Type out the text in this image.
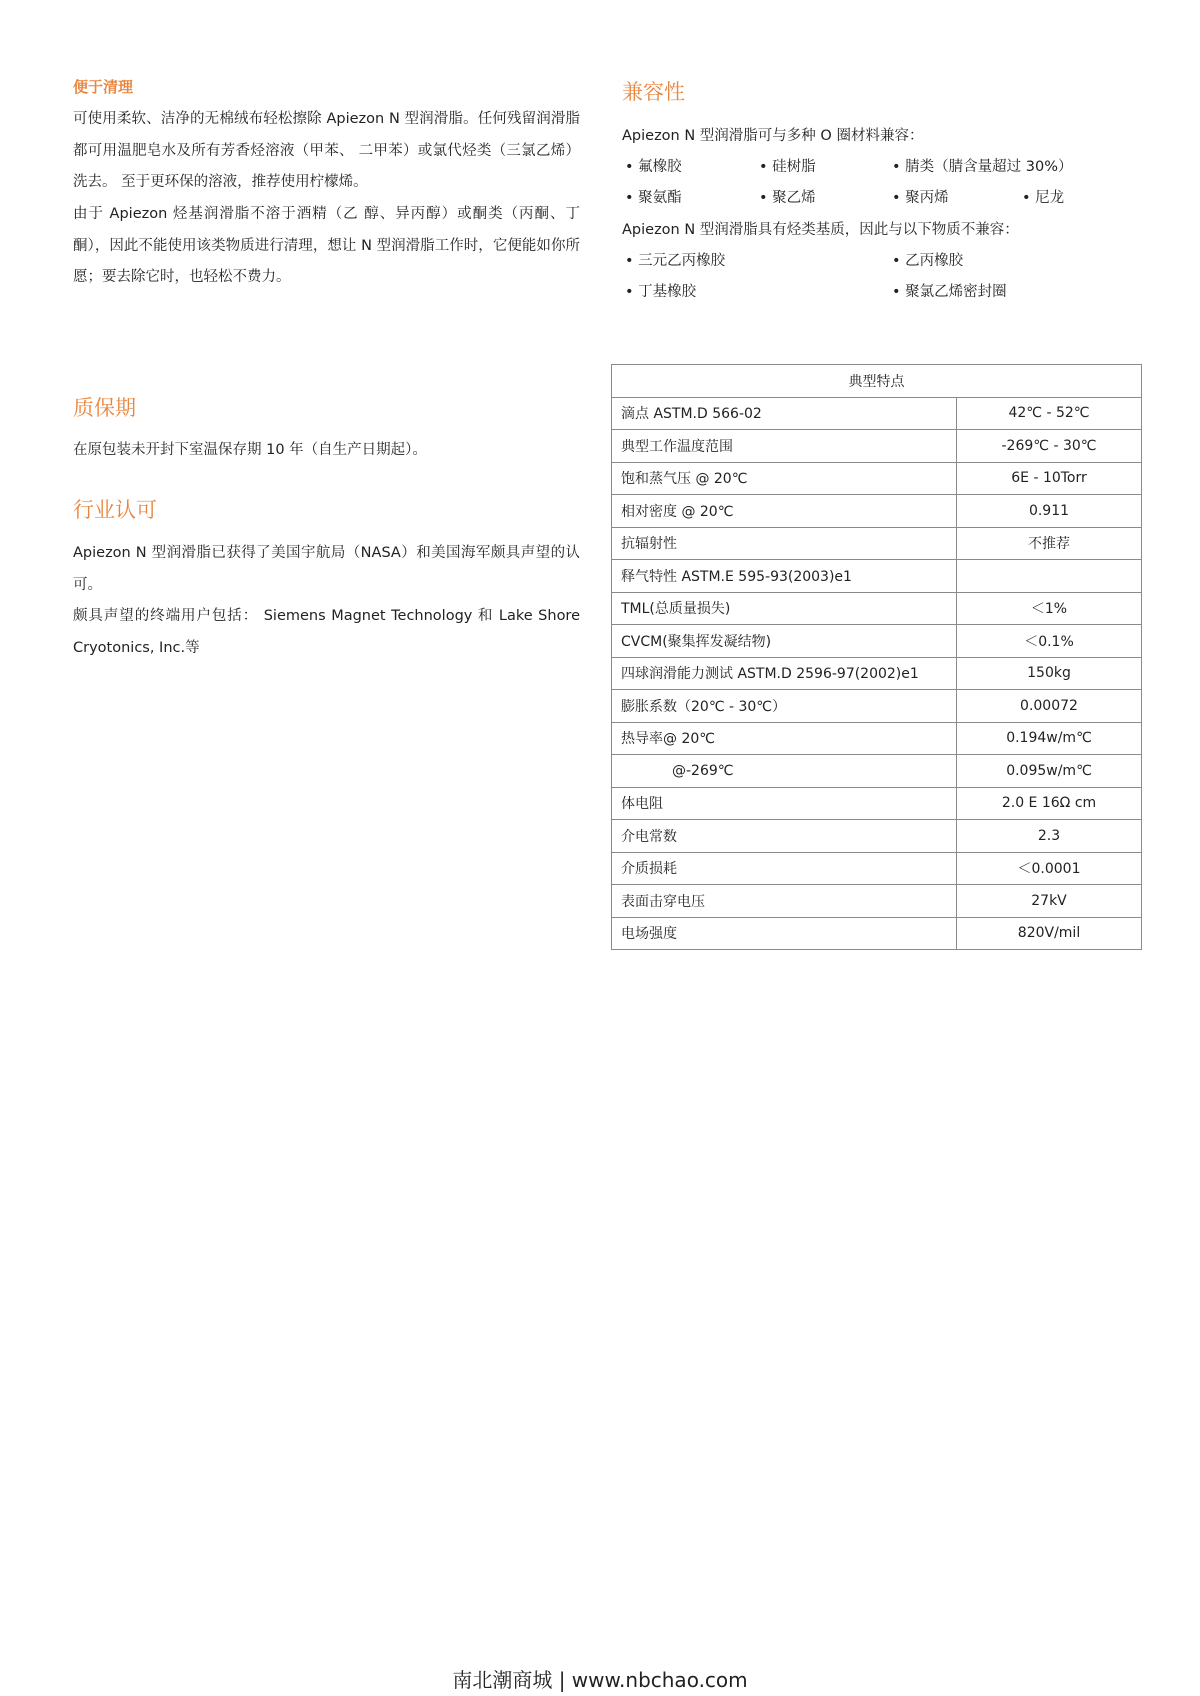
便于清理

可使用柔软、洁净的无棉绒布轻松擦除 Apiezon N 型润滑脂。任何残留润滑脂都可用温肥皂水及所有芳香烃溶液（甲苯、 二甲苯）或氯代烃类（三氯乙烯）洗去。 至于更环保的溶液，推荐使用柠檬烯。

由于 Apiezon 烃基润滑脂不溶于酒精（乙 醇、异丙醇）或酮类（丙酮、丁酮），因此不能使用该类物质进行清理，想让 N 型润滑脂工作时，它便能如你所愿；要去除它时，也轻松不费力。

兼容性

Apiezon N 型润滑脂可与多种 O 圈材料兼容：

• 氟橡胶	• 硅树脂	• 腈类（腈含量超过 30%）
• 聚氨酯	• 聚乙烯	• 聚丙烯	• 尼龙

Apiezon N 型润滑脂具有烃类基质，因此与以下物质不兼容：

• 三元乙丙橡胶	• 乙丙橡胶
• 丁基橡胶	• 聚氯乙烯密封圈
质保期

在原包装未开封下室温保存期 10 年（自生产日期起）。

行业认可

Apiezon N 型润滑脂已获得了美国宇航局（NASA）和美国海军颇具声望的认可。

颇具声望的终端用户包括： Siemens Magnet Technology 和 Lake Shore Cryotonics, Inc.等

典型特点	
滴点 ASTM.D 566-02	42℃ - 52℃
典型工作温度范围	-269℃ - 30℃
饱和蒸气压 @ 20℃	6E - 10Torr
相对密度 @ 20℃	0.911
抗辐射性	不推荐
释气特性 ASTM.E 595-93(2003)e1	
TML(总质量损失)	＜1%
CVCM(聚集挥发凝结物)	＜0.1%
四球润滑能力测试 ASTM.D 2596-97(2002)e1	150kg
膨胀系数（20℃ - 30℃）	0.00072
热导率@ 20℃	0.194w/m℃
@-269℃	0.095w/m℃
体电阻	2.0 E 16Ω cm
介电常数	2.3
介质损耗	＜0.0001
表面击穿电压	27kV
电场强度	820V/mil
南北潮商城 | www.nbchao.com
